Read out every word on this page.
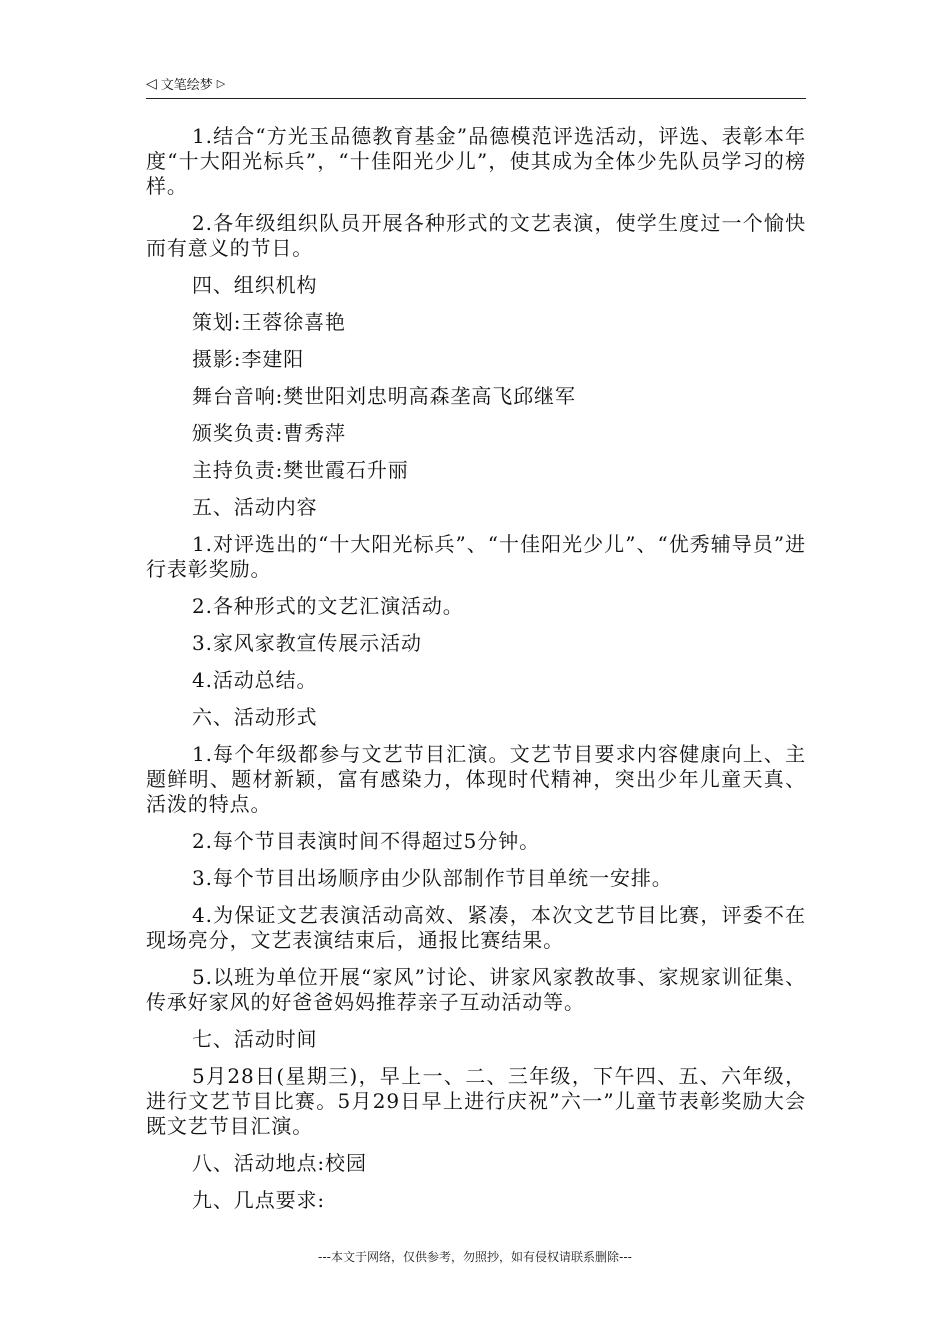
◁ 文笔绘梦 ▷

1.结合“方光玉品德教育基金”品德模范评选活动，评选、表彰本年度“十大阳光标兵”，“十佳阳光少儿”，使其成为全体少先队员学习的榜样。

2.各年级组织队员开展各种形式的文艺表演，使学生度过一个愉快而有意义的节日。

四、组织机构

策划:王蓉徐喜艳

摄影:李建阳

舞台音响:樊世阳刘忠明高森垄高飞邱继军

颁奖负责:曹秀萍

主持负责:樊世霞石升丽

五、活动内容

1.对评选出的“十大阳光标兵”、“十佳阳光少儿”、“优秀辅导员”进行表彰奖励。

2.各种形式的文艺汇演活动。

3.家风家教宣传展示活动

4.活动总结。

六、活动形式

1.每个年级都参与文艺节目汇演。文艺节目要求内容健康向上、主题鲜明、题材新颖，富有感染力，体现时代精神，突出少年儿童天真、活泼的特点。

2.每个节目表演时间不得超过5分钟。

3.每个节目出场顺序由少队部制作节目单统一安排。

4.为保证文艺表演活动高效、紧凑，本次文艺节目比赛，评委不在现场亮分，文艺表演结束后，通报比赛结果。

5.以班为单位开展“家风”讨论、讲家风家教故事、家规家训征集、传承好家风的好爸爸妈妈推荐亲子互动活动等。

七、活动时间

5月28日(星期三)，早上一、二、三年级，下午四、五、六年级，进行文艺节目比赛。5月29日早上进行庆祝”六一”儿童节表彰奖励大会既文艺节目汇演。

八、活动地点:校园

九、几点要求:

---本文于网络，仅供参考，勿照抄，如有侵权请联系删除---
